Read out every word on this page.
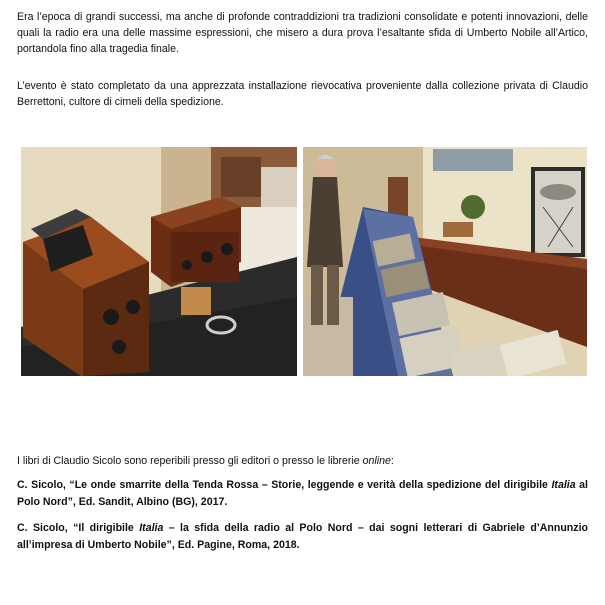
Era l’epoca di grandi successi, ma anche di profonde contraddizioni tra tradizioni consolidate e potenti innovazioni, delle quali la radio era una delle massime espressioni, che misero a dura prova l’esaltante sfida di Umberto Nobile all’Artico, portandola fino alla tragedia finale.

L’evento è stato completato da una apprezzata installazione rievocativa proveniente dalla collezione privata di Claudio Berrettoni, cultore di cimeli della spedizione.

I libri di Claudio Sicolo sono reperibili presso gli editori o presso le librerie online:

C. Sicolo, “Le onde smarrite della Tenda Rossa – Storie, leggende e verità della spedizione del dirigibile Italia al Polo Nord”, Ed. Sandit, Albino (BG), 2017.

C. Sicolo, “Il dirigibile Italia – la sfida della radio al Polo Nord – dai sogni letterari di Gabriele d’Annunzio all’impresa di Umberto Nobile”, Ed. Pagine, Roma, 2018.
